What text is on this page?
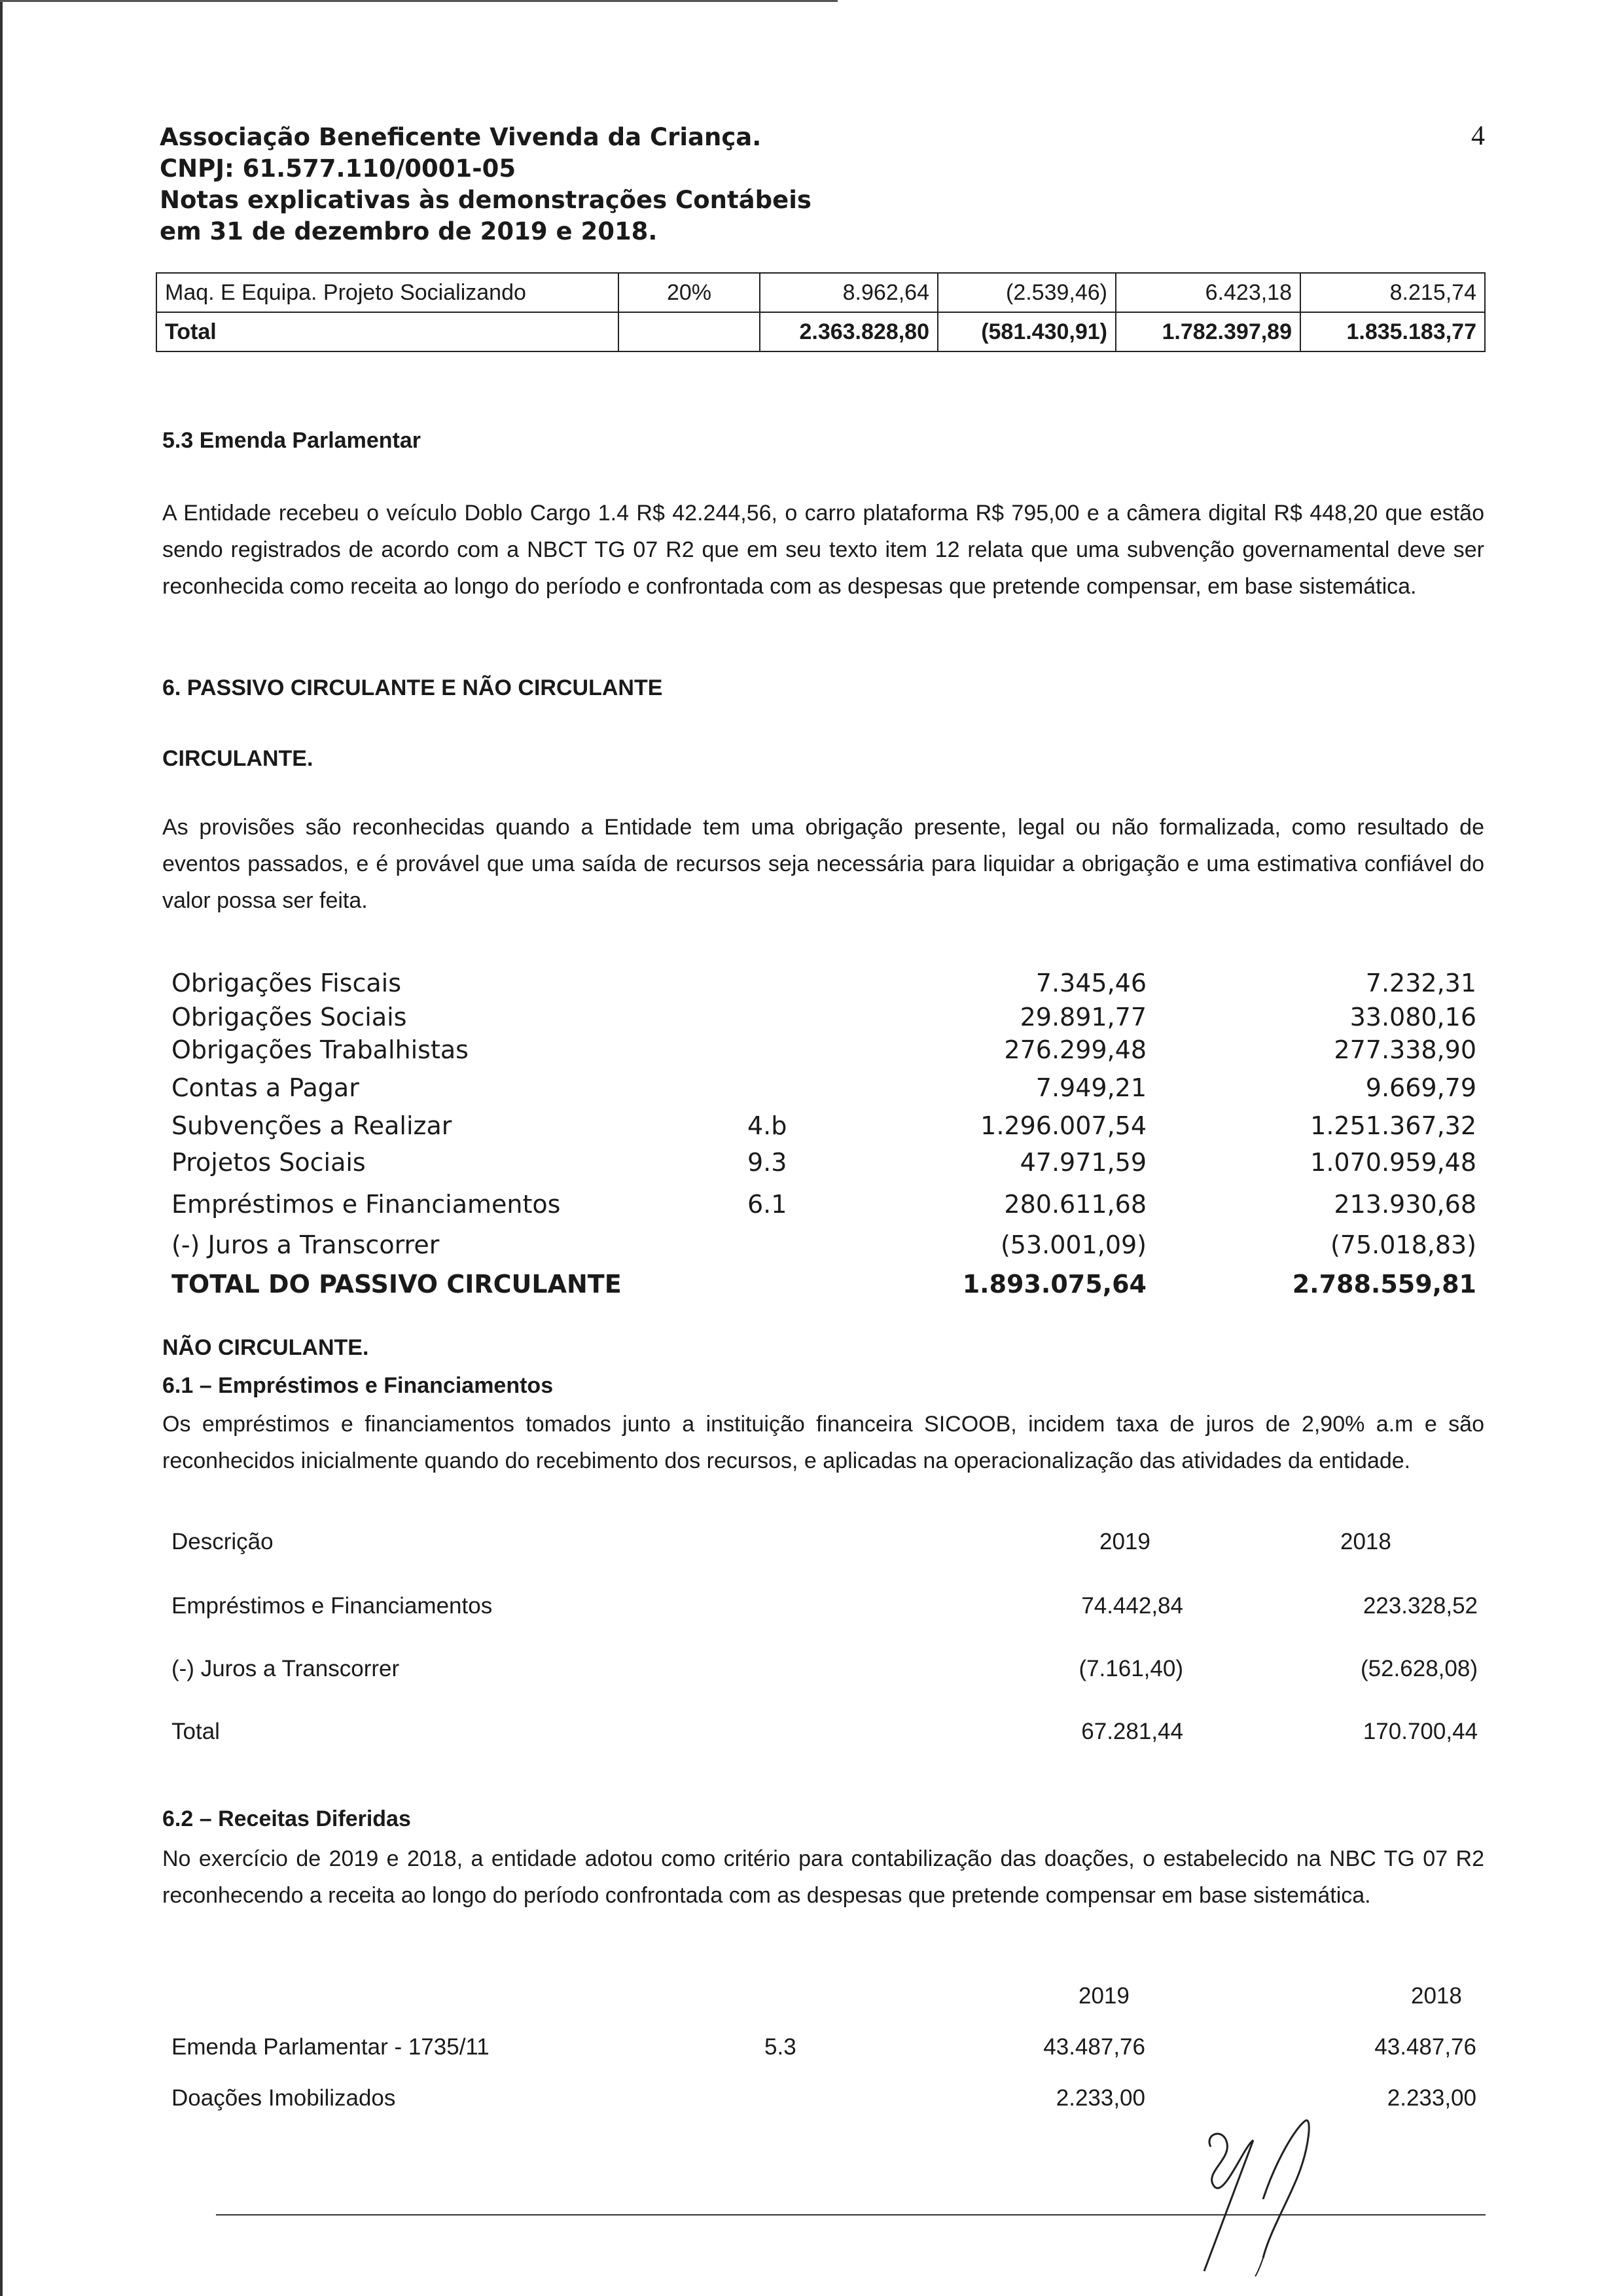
Associação Beneficente Vivenda da Criança.
CNPJ: 61.577.110/0001-05
Notas explicativas às demonstrações Contábeis
em 31 de dezembro de 2019 e 2018.
4
Maq. E Equipa. Projeto Socializando	20%	8.962,64	(2.539,46)	6.423,18	8.215,74
Total		2.363.828,80	(581.430,91)	1.782.397,89	1.835.183,77
5.3 Emenda Parlamentar
A Entidade recebeu o veículo Doblo Cargo 1.4 R$ 42.244,56, o carro plataforma R$ 795,00 e a câmera digital R$ 448,20 que estão sendo registrados de acordo com a NBCT TG 07 R2 que em seu texto item 12 relata que uma subvenção governamental deve ser reconhecida como receita ao longo do período e confrontada com as despesas que pretende compensar, em base sistemática.
6. PASSIVO CIRCULANTE E NÃO CIRCULANTE
CIRCULANTE.
As provisões são reconhecidas quando a Entidade tem uma obrigação presente, legal ou não formalizada, como resultado de eventos passados, e é provável que uma saída de recursos seja necessária para liquidar a obrigação e uma estimativa confiável do valor possa ser feita.
Obrigações Fiscais	7.345,46	7.232,31
Obrigações Sociais	29.891,77	33.080,16
Obrigações Trabalhistas	276.299,48	277.338,90
Contas a Pagar	7.949,21	9.669,79
Subvenções a Realizar	4.b	1.296.007,54	1.251.367,32
Projetos Sociais	9.3	47.971,59	1.070.959,48
Empréstimos e Financiamentos	6.1	280.611,68	213.930,68
(-) Juros a Transcorrer	(53.001,09)	(75.018,83)
TOTAL DO PASSIVO CIRCULANTE	1.893.075,64	2.788.559,81
NÃO CIRCULANTE.
6.1 – Empréstimos e Financiamentos
Os empréstimos e financiamentos tomados junto a instituição financeira SICOOB, incidem taxa de juros de 2,90% a.m e são reconhecidos inicialmente quando do recebimento dos recursos, e aplicadas na operacionalização das atividades da entidade.
Descrição	2019	2018
Empréstimos e Financiamentos	74.442,84	223.328,52
(-) Juros a Transcorrer	(7.161,40)	(52.628,08)
Total	67.281,44	170.700,44
6.2 – Receitas Diferidas
No exercício de 2019 e 2018, a entidade adotou como critério para contabilização das doações, o estabelecido na NBC TG 07 R2 reconhecendo a receita ao longo do período confrontada com as despesas que pretende compensar em base sistemática.
2019	2018
Emenda Parlamentar - 1735/11	5.3	43.487,76	43.487,76
Doações Imobilizados	2.233,00	2.233,00
